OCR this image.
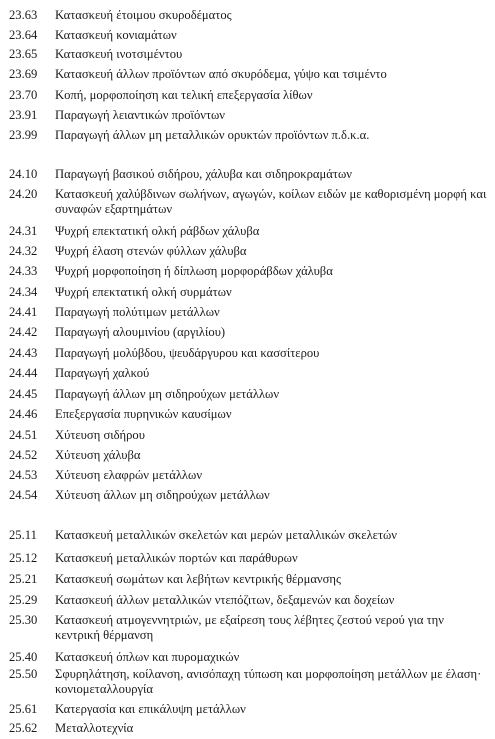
23.63	Κατασκευή έτοιμου σκυροδέματος
23.64	Κατασκευή κονιαμάτων
23.65	Κατασκευή ινοτσιμέντου
23.69	Κατασκευή άλλων προϊόντων από σκυρόδεμα, γύψο και τσιμέντο
23.70	Κοπή, μορφοποίηση και τελική επεξεργασία λίθων
23.91	Παραγωγή λειαντικών προϊόντων
23.99	Παραγωγή άλλων μη μεταλλικών ορυκτών προϊόντων π.δ.κ.α.
24.10	Παραγωγή βασικού σιδήρου, χάλυβα και σιδηροκραμάτων
24.20	Κατασκευή χαλύβδινων σωλήνων, αγωγών, κοίλων ειδών με καθορισμένη μορφή και συναφών εξαρτημάτων
24.31	Ψυχρή επεκτατική ολκή ράβδων χάλυβα
24.32	Ψυχρή έλαση στενών φύλλων χάλυβα
24.33	Ψυχρή μορφοποίηση ή δίπλωση μορφοράβδων χάλυβα
24.34	Ψυχρή επεκτατική ολκή συρμάτων
24.41	Παραγωγή πολύτιμων μετάλλων
24.42	Παραγωγή αλουμινίου (αργιλίου)
24.43	Παραγωγή μολύβδου, ψευδάργυρου και κασσίτερου
24.44	Παραγωγή χαλκού
24.45	Παραγωγή άλλων μη σιδηρούχων μετάλλων
24.46	Επεξεργασία πυρηνικών καυσίμων
24.51	Χύτευση σιδήρου
24.52	Χύτευση χάλυβα
24.53	Χύτευση ελαφρών μετάλλων
24.54	Χύτευση άλλων μη σιδηρούχων μετάλλων
25.11	Κατασκευή μεταλλικών σκελετών και μερών μεταλλικών σκελετών
25.12	Κατασκευή μεταλλικών πορτών και παράθυρων
25.21	Κατασκευή σωμάτων και λεβήτων κεντρικής θέρμανσης
25.29	Κατασκευή άλλων μεταλλικών ντεπόζιτων, δεξαμενών και δοχείων
25.30	Κατασκευή ατμογεννητριών, με εξαίρεση τους λέβητες ζεστού νερού για την κεντρική θέρμανση
25.40	Κατασκευή όπλων και πυρομαχικών
25.50	Σφυρηλάτηση, κοίλανση, ανισόπαχη τύπωση και μορφοποίηση μετάλλων με έλαση· κονιομεταλλουργία
25.61	Κατεργασία και επικάλυψη μετάλλων
25.62	Μεταλλοτεχνία
